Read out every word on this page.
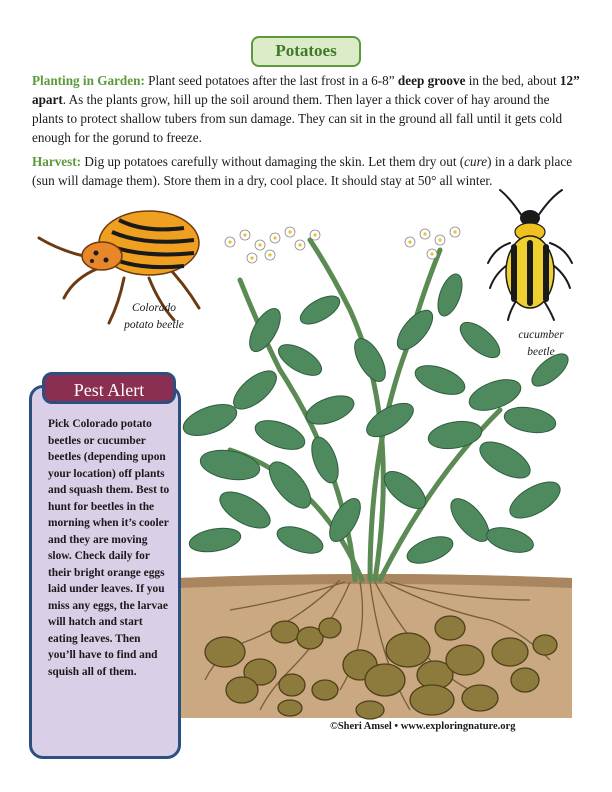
Potatoes

Planting in Garden: Plant seed potatoes after the last frost in a 6-8” deep groove in the bed, about 12” apart. As the plants grow, hill up the soil around them. Then layer a thick cover of hay around the plants to protect shallow tubers from sun damage. They can sit in the ground all fall until it gets cold enough for the gorund to freeze.

Harvest: Dig up potatoes carefully without damaging the skin. Let them dry out (cure) in a dark place (sun will damage them). Store them in a dry, cool place. It should stay at 50° all winter.

Colorado
potato beetle
cucumber
beetle
Pest Alert

Pick Colorado potato beetles or cucumber beetles (depending upon your location) off plants and squash them. Best to hunt for beetles in the morning when it’s cooler and they are moving slow. Check daily for their bright orange eggs laid under leaves. If you miss any eggs, the larvae will hatch and start eating leaves. Then you’ll have to find and squish all of them.

©Sheri Amsel • www.exploringnature.org
